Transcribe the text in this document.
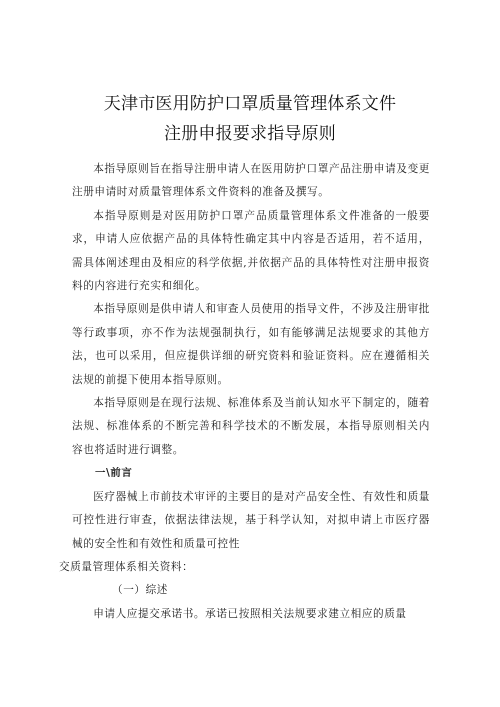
天津市医用防护口罩质量管理体系文件
注册申报要求指导原则

本指导原则旨在指导注册申请人在医用防护口罩产品注册申请及变更注册申请时对质量管理体系文件资料的准备及撰写。

本指导原则是对医用防护口罩产品质量管理体系文件准备的一般要求，申请人应依据产品的具体特性确定其中内容是否适用，若不适用，需具体阐述理由及相应的科学依据,并依据产品的具体特性对注册申报资料的内容进行充实和细化。

本指导原则是供申请人和审查人员使用的指导文件，不涉及注册审批等行政事项，亦不作为法规强制执行，如有能够满足法规要求的其他方法，也可以采用，但应提供详细的研究资料和验证资料。应在遵循相关法规的前提下使用本指导原则。

本指导原则是在现行法规、标准体系及当前认知水平下制定的，随着法规、标准体系的不断完善和科学技术的不断发展，本指导原则相关内容也将适时进行调整。

一\前言

医疗器械上市前技术审评的主要目的是对产品安全性、有效性和质量可控性进行审查，依据法律法规，基于科学认知，对拟申请上市医疗器械的安全性和有效性和质量可控性

交质量管理体系相关资料：

（一）综述

申请人应提交承诺书。承诺已按照相关法规要求建立相应的质量
